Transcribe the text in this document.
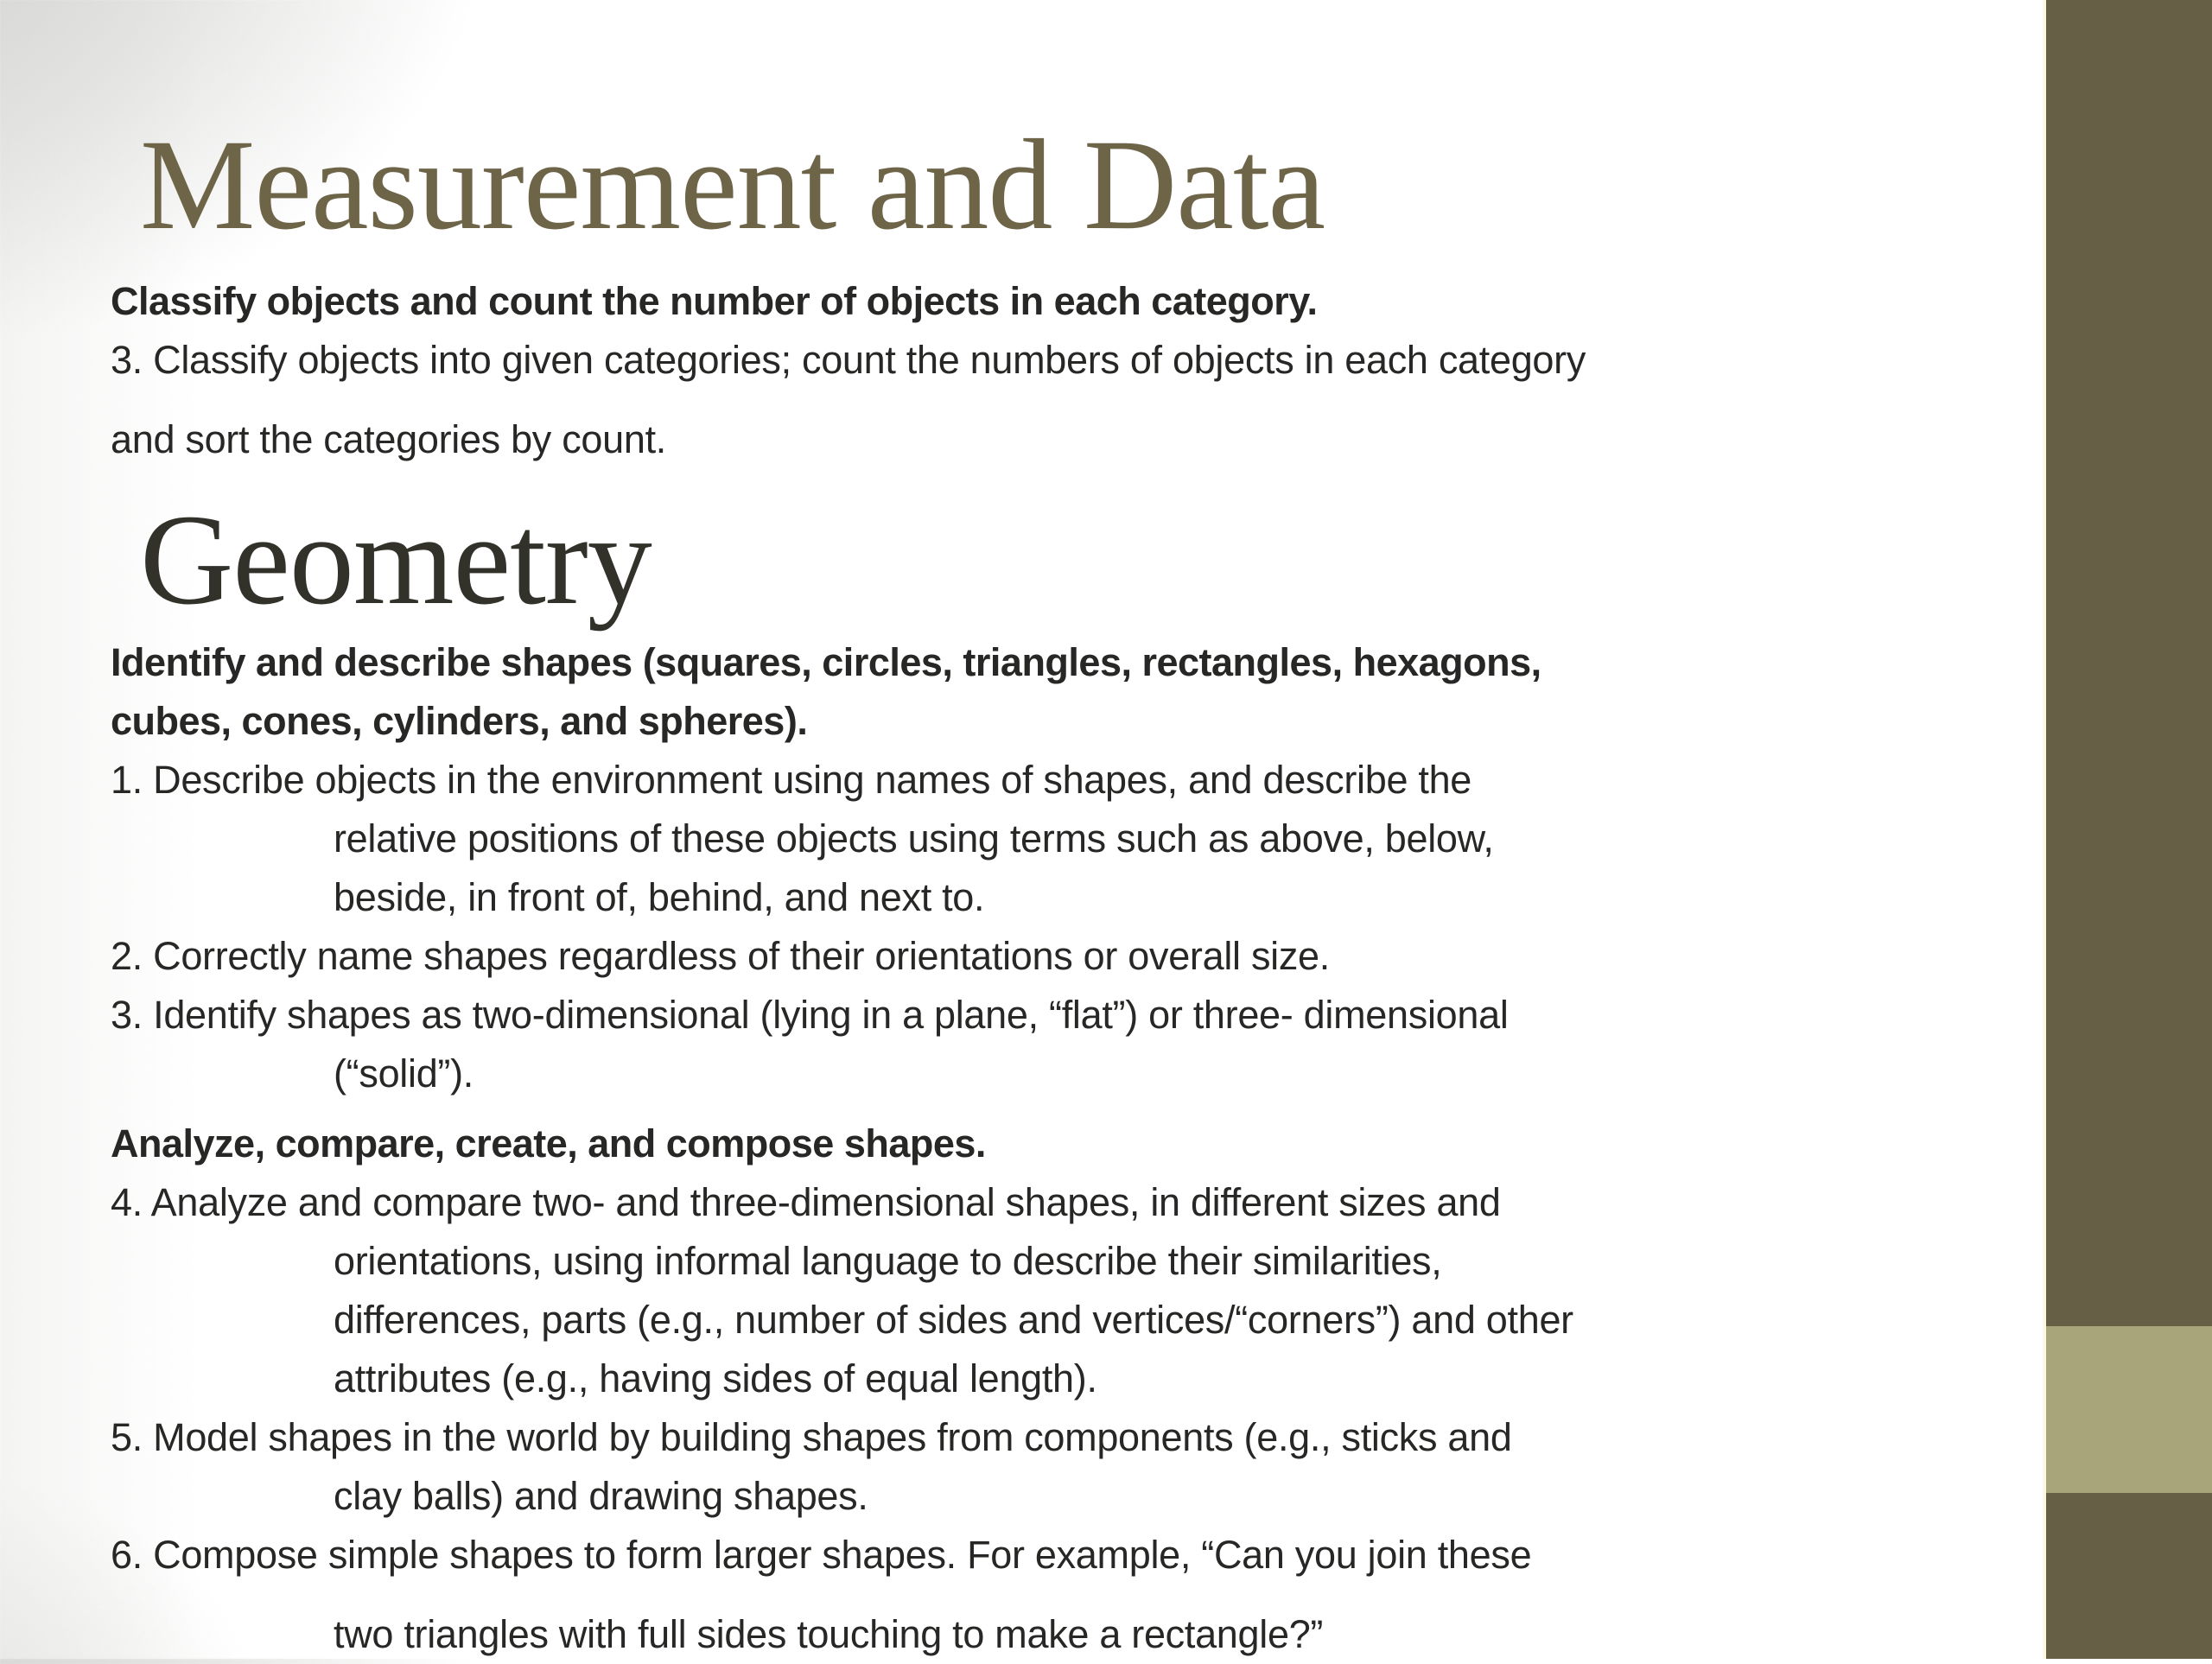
Measurement and Data
Classify objects and count the number of objects in each category.
3. Classify objects into given categories; count the numbers of objects in each category
and sort the categories by count.
Geometry
Identify and describe shapes (squares, circles, triangles, rectangles, hexagons,
cubes, cones, cylinders, and spheres).
1. Describe objects in the environment using names of shapes, and describe the
relative positions of these objects using terms such as above, below,
beside, in front of, behind, and next to.
2. Correctly name shapes regardless of their orientations or overall size.
3. Identify shapes as two-dimensional (lying in a plane, “flat”) or three- dimensional
(“solid”).
Analyze, compare, create, and compose shapes.
4. Analyze and compare two- and three-dimensional shapes, in different sizes and
orientations, using informal language to describe their similarities,
differences, parts (e.g., number of sides and vertices/“corners”) and other
attributes (e.g., having sides of equal length).
5. Model shapes in the world by building shapes from components (e.g., sticks and
clay balls) and drawing shapes.
6. Compose simple shapes to form larger shapes. For example, “Can you join these
two triangles with full sides touching to make a rectangle?”
